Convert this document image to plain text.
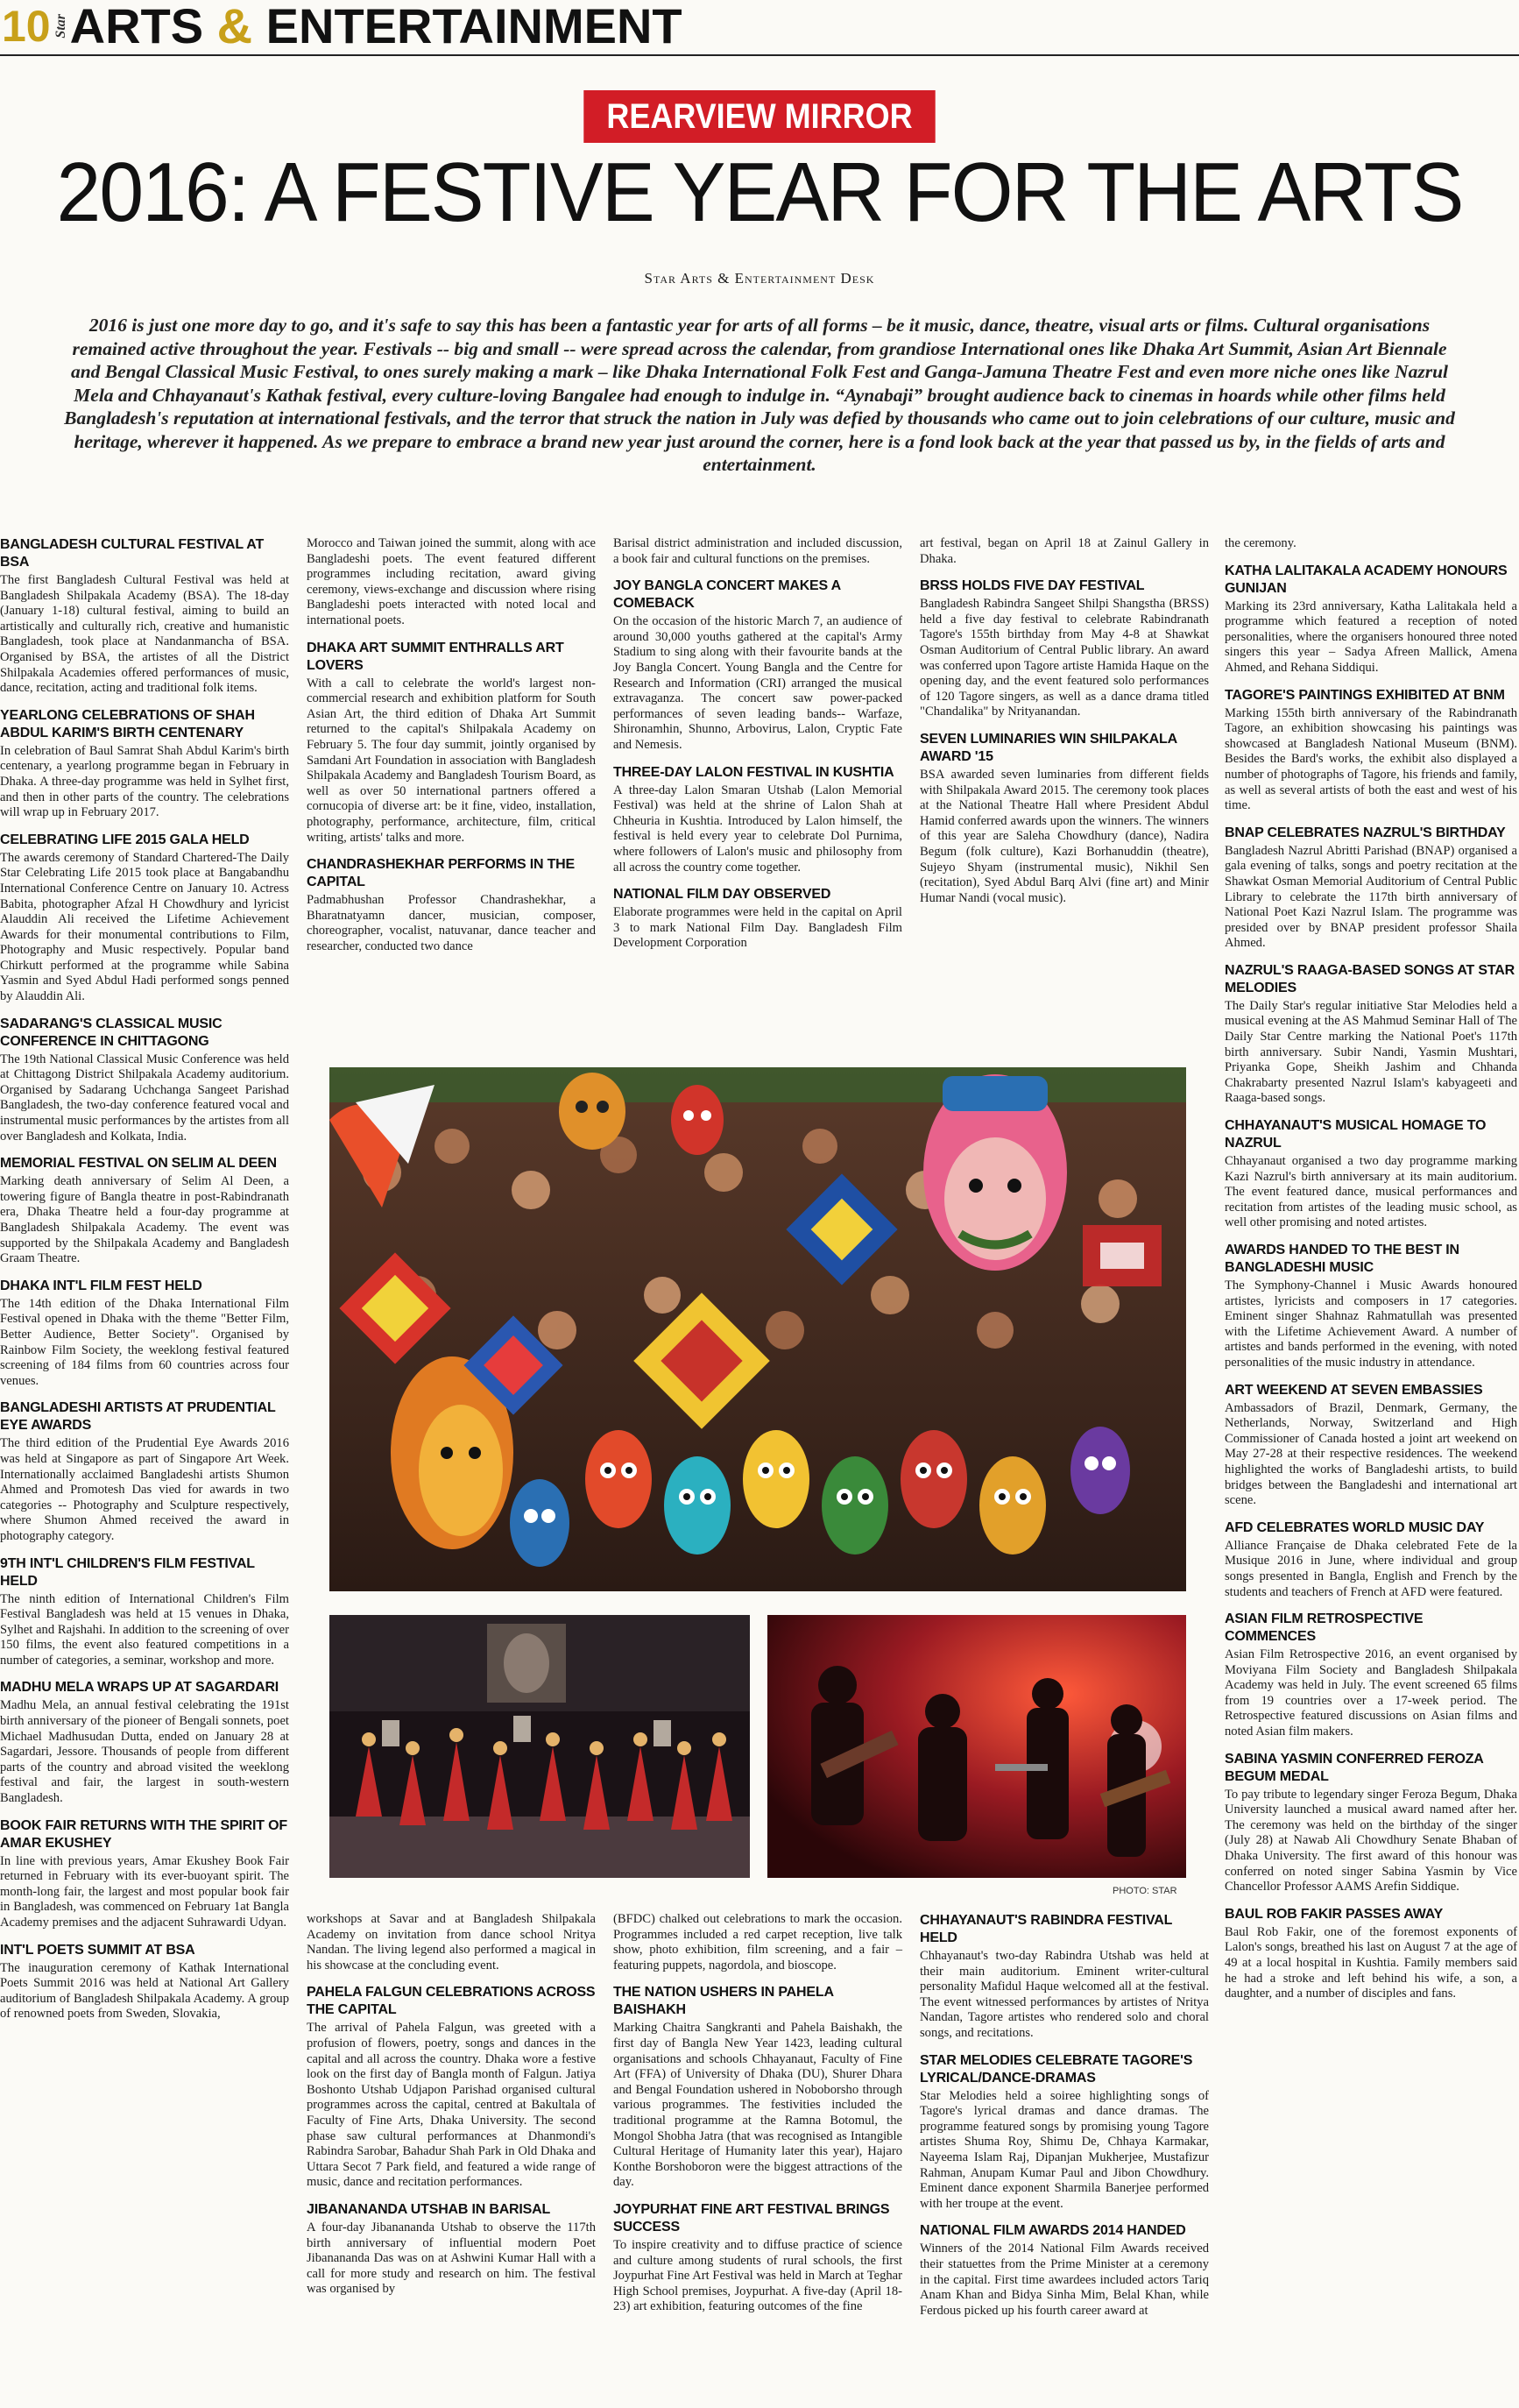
10 Star ARTS & ENTERTAINMENT
REARVIEW MIRROR
2016: A FESTIVE YEAR FOR THE ARTS
Star Arts & Entertainment Desk
2016 is just one more day to go, and it's safe to say this has been a fantastic year for arts of all forms – be it music, dance, theatre, visual arts or films. Cultural organisations remained active throughout the year. Festivals -- big and small -- were spread across the calendar, from grandiose International ones like Dhaka Art Summit, Asian Art Biennale and Bengal Classical Music Festival, to ones surely making a mark – like Dhaka International Folk Fest and Ganga-Jamuna Theatre Fest and even more niche ones like Nazrul Mela and Chhayanaut's Kathak festival, every culture-loving Bangalee had enough to indulge in. “Aynabaji” brought audience back to cinemas in hoards while other films held Bangladesh's reputation at international festivals, and the terror that struck the nation in July was defied by thousands who came out to join celebrations of our culture, music and heritage, wherever it happened. As we prepare to embrace a brand new year just around the corner, here is a fond look back at the year that passed us by, in the fields of arts and entertainment.
BANGLADESH CULTURAL FESTIVAL AT BSA

The first Bangladesh Cultural Festival was held at Bangladesh Shilpakala Academy (BSA). The 18-day (January 1-18) cultural festival, aiming to build an artistically and culturally rich, creative and humanistic Bangladesh, took place at Nandanmancha of BSA. Organised by BSA, the artistes of all the District Shilpakala Academies offered performances of music, dance, recitation, acting and traditional folk items.

YEARLONG CELEBRATIONS OF SHAH ABDUL KARIM'S BIRTH CENTENARY

In celebration of Baul Samrat Shah Abdul Karim's birth centenary, a yearlong programme began in February in Dhaka. A three-day programme was held in Sylhet first, and then in other parts of the country. The celebrations will wrap up in February 2017.

CELEBRATING LIFE 2015 GALA HELD

The awards ceremony of Standard Chartered-The Daily Star Celebrating Life 2015 took place at Bangabandhu International Conference Centre on January 10. Actress Babita, photographer Afzal H Chowdhury and lyricist Alauddin Ali received the Lifetime Achievement Awards for their monumental contributions to Film, Photography and Music respectively. Popular band Chirkutt performed at the programme while Sabina Yasmin and Syed Abdul Hadi performed songs penned by Alauddin Ali.

SADARANG'S CLASSICAL MUSIC CONFERENCE IN CHITTAGONG

The 19th National Classical Music Conference was held at Chittagong District Shilpakala Academy auditorium. Organised by Sadarang Uchchanga Sangeet Parishad Bangladesh, the two-day conference featured vocal and instrumental music performances by the artistes from all over Bangladesh and Kolkata, India.

MEMORIAL FESTIVAL ON SELIM AL DEEN

Marking death anniversary of Selim Al Deen, a towering figure of Bangla theatre in post-Rabindranath era, Dhaka Theatre held a four-day programme at Bangladesh Shilpakala Academy. The event was supported by the Shilpakala Academy and Bangladesh Graam Theatre.

DHAKA INT'L FILM FEST HELD

The 14th edition of the Dhaka International Film Festival opened in Dhaka with the theme "Better Film, Better Audience, Better Society". Organised by Rainbow Film Society, the weeklong festival featured screening of 184 films from 60 countries across four venues.

BANGLADESHI ARTISTS AT PRUDENTIAL EYE AWARDS

The third edition of the Prudential Eye Awards 2016 was held at Singapore as part of Singapore Art Week. Internationally acclaimed Bangladeshi artists Shumon Ahmed and Promotesh Das vied for awards in two categories -- Photography and Sculpture respectively, where Shumon Ahmed received the award in photography category.

9TH INT'L CHILDREN'S FILM FESTIVAL HELD

The ninth edition of International Children's Film Festival Bangladesh was held at 15 venues in Dhaka, Sylhet and Rajshahi. In addition to the screening of over 150 films, the event also featured competitions in a number of categories, a seminar, workshop and more.

MADHU MELA WRAPS UP AT SAGARDARI

Madhu Mela, an annual festival celebrating the 191st birth anniversary of the pioneer of Bengali sonnets, poet Michael Madhusudan Dutta, ended on January 28 at Sagardari, Jessore. Thousands of people from different parts of the country and abroad visited the weeklong festival and fair, the largest in south-western Bangladesh.

BOOK FAIR RETURNS WITH THE SPIRIT OF AMAR EKUSHEY

In line with previous years, Amar Ekushey Book Fair returned in February with its ever-buoyant spirit. The month-long fair, the largest and most popular book fair in Bangladesh, was commenced on February 1at Bangla Academy premises and the adjacent Suhrawardi Udyan.

INT'L POETS SUMMIT AT BSA

The inauguration ceremony of Kathak International Poets Summit 2016 was held at National Art Gallery auditorium of Bangladesh Shilpakala Academy. A group of renowned poets from Sweden, Slovakia,

Morocco and Taiwan joined the summit, along with ace Bangladeshi poets. The event featured different programmes including recitation, award giving ceremony, views-exchange and discussion where rising Bangladeshi poets interacted with noted local and international poets.

DHAKA ART SUMMIT ENTHRALLS ART LOVERS

With a call to celebrate the world's largest non-commercial research and exhibition platform for South Asian Art, the third edition of Dhaka Art Summit returned to the capital's Shilpakala Academy on February 5. The four day summit, jointly organised by Samdani Art Foundation in association with Bangladesh Shilpakala Academy and Bangladesh Tourism Board, as well as over 50 international partners offered a cornucopia of diverse art: be it fine, video, installation, photography, performance, architecture, film, critical writing, artists' talks and more.

CHANDRASHEKHAR PERFORMS IN THE CAPITAL

Padmabhushan Professor Chandrashekhar, a Bharatnatyamn dancer, musician, composer, choreographer, vocalist, natuvanar, dance teacher and researcher, conducted two dance

Barisal district administration and included discussion, a book fair and cultural functions on the premises.

JOY BANGLA CONCERT MAKES A COMEBACK

On the occasion of the historic March 7, an audience of around 30,000 youths gathered at the capital's Army Stadium to sing along with their favourite bands at the Joy Bangla Concert. Young Bangla and the Centre for Research and Information (CRI) arranged the musical extravaganza. The concert saw power-packed performances of seven leading bands-- Warfaze, Shironamhin, Shunno, Arbovirus, Lalon, Cryptic Fate and Nemesis.

THREE-DAY LALON FESTIVAL IN KUSHTIA

A three-day Lalon Smaran Utshab (Lalon Memorial Festival) was held at the shrine of Lalon Shah at Chheuria in Kushtia. Introduced by Lalon himself, the festival is held every year to celebrate Dol Purnima, where followers of Lalon's music and philosophy from all across the country come together.

NATIONAL FILM DAY OBSERVED

Elaborate programmes were held in the capital on April 3 to mark National Film Day. Bangladesh Film Development Corporation

art festival, began on April 18 at Zainul Gallery in Dhaka.

BRSS HOLDS FIVE DAY FESTIVAL

Bangladesh Rabindra Sangeet Shilpi Shangstha (BRSS) held a five day festival to celebrate Rabindranath Tagore's 155th birthday from May 4-8 at Shawkat Osman Auditorium of Central Public library. An award was conferred upon Tagore artiste Hamida Haque on the opening day, and the event featured solo performances of 120 Tagore singers, as well as a dance drama titled "Chandalika" by Nrityanandan.

SEVEN LUMINARIES WIN SHILPAKALA AWARD '15

BSA awarded seven luminaries from different fields with Shilpakala Award 2015. The ceremony took places at the National Theatre Hall where President Abdul Hamid conferred awards upon the winners. The winners of this year are Saleha Chowdhury (dance), Nadira Begum (folk culture), Kazi Borhanuddin (theatre), Sujeyo Shyam (instrumental music), Nikhil Sen (recitation), Syed Abdul Barq Alvi (fine art) and Minir Humar Nandi (vocal music).

the ceremony.

KATHA LALITAKALA ACADEMY HONOURS GUNIJAN

Marking its 23rd anniversary, Katha Lalitakala held a programme which featured a reception of noted personalities, where the organisers honoured three noted singers this year – Sadya Afreen Mallick, Amena Ahmed, and Rehana Siddiqui.

TAGORE'S PAINTINGS EXHIBITED AT BNM

Marking 155th birth anniversary of the Rabindranath Tagore, an exhibition showcasing his paintings was showcased at Bangladesh National Museum (BNM). Besides the Bard's works, the exhibit also displayed a number of photographs of Tagore, his friends and family, as well as several artists of both the east and west of his time.

BNAP CELEBRATES NAZRUL'S BIRTHDAY

Bangladesh Nazrul Abritti Parishad (BNAP) organised a gala evening of talks, songs and poetry recitation at the Shawkat Osman Memorial Auditorium of Central Public Library to celebrate the 117th birth anniversary of National Poet Kazi Nazrul Islam. The programme was presided over by BNAP president professor Shaila Ahmed.

NAZRUL'S RAAGA-BASED SONGS AT STAR MELODIES

The Daily Star's regular initiative Star Melodies held a musical evening at the AS Mahmud Seminar Hall of The Daily Star Centre marking the National Poet's 117th birth anniversary. Subir Nandi, Yasmin Mushtari, Priyanka Gope, Sheikh Jashim and Chhanda Chakrabarty presented Nazrul Islam's kabyageeti and Raaga-based songs.

CHHAYANAUT'S MUSICAL HOMAGE TO NAZRUL

Chhayanaut organised a two day programme marking Kazi Nazrul's birth anniversary at its main auditorium. The event featured dance, musical performances and recitation from artistes of the leading music school, as well other promising and noted artistes.

AWARDS HANDED TO THE BEST IN BANGLADESHI MUSIC

The Symphony-Channel i Music Awards honoured artistes, lyricists and composers in 17 categories. Eminent singer Shahnaz Rahmatullah was presented with the Lifetime Achievement Award. A number of artistes and bands performed in the evening, with noted personalities of the music industry in attendance.

ART WEEKEND AT SEVEN EMBASSIES

Ambassadors of Brazil, Denmark, Germany, the Netherlands, Norway, Switzerland and High Commissioner of Canada hosted a joint art weekend on May 27-28 at their respective residences. The weekend highlighted the works of Bangladeshi artists, to build bridges between the Bangladeshi and international art scene.

AFD CELEBRATES WORLD MUSIC DAY

Alliance Française de Dhaka celebrated Fete de la Musique 2016 in June, where individual and group songs presented in Bangla, English and French by the students and teachers of French at AFD were featured.

ASIAN FILM RETROSPECTIVE COMMENCES

Asian Film Retrospective 2016, an event organised by Moviyana Film Society and Bangladesh Shilpakala Academy was held in July. The event screened 65 films from 19 countries over a 17-week period. The Retrospective featured discussions on Asian films and noted Asian film makers.

SABINA YASMIN CONFERRED FEROZA BEGUM MEDAL

To pay tribute to legendary singer Feroza Begum, Dhaka University launched a musical award named after her. The ceremony was held on the birthday of the singer (July 28) at Nawab Ali Chowdhury Senate Bhaban of Dhaka University. The first award of this honour was conferred on noted singer Sabina Yasmin by Vice Chancellor Professor AAMS Arefin Siddique.

BAUL ROB FAKIR PASSES AWAY

Baul Rob Fakir, one of the foremost exponents of Lalon's songs, breathed his last on August 7 at the age of 49 at a local hospital in Kushtia. Family members said he had a stroke and left behind his wife, a son, a daughter, and a number of disciples and fans.

workshops at Savar and at Bangladesh Shilpakala Academy on invitation from dance school Nritya Nandan. The living legend also performed a magical in his showcase at the concluding event.

PAHELA FALGUN CELEBRATIONS ACROSS THE CAPITAL

The arrival of Pahela Falgun, was greeted with a profusion of flowers, poetry, songs and dances in the capital and all across the country. Dhaka wore a festive look on the first day of Bangla month of Falgun. Jatiya Boshonto Utshab Udjapon Parishad organised cultural programmes across the capital, centred at Bakultala of Faculty of Fine Arts, Dhaka University. The second phase saw cultural performances at Dhanmondi's Rabindra Sarobar, Bahadur Shah Park in Old Dhaka and Uttara Secot 7 Park field, and featured a wide range of music, dance and recitation performances.

JIBANANANDA UTSHAB IN BARISAL

A four-day Jibanananda Utshab to observe the 117th birth anniversary of influential modern Poet Jibanananda Das was on at Ashwini Kumar Hall with a call for more study and research on him. The festival was organised by

(BFDC) chalked out celebrations to mark the occasion. Programmes included a red carpet reception, live talk show, photo exhibition, film screening, and a fair – featuring puppets, nagordola, and bioscope.

THE NATION USHERS IN PAHELA BAISHAKH

Marking Chaitra Sangkranti and Pahela Baishakh, the first day of Bangla New Year 1423, leading cultural organisations and schools Chhayanaut, Faculty of Fine Art (FFA) of University of Dhaka (DU), Shurer Dhara and Bengal Foundation ushered in Noboborsho through various programmes. The festivities included the traditional programme at the Ramna Botomul, the Mongol Shobha Jatra (that was recognised as Intangible Cultural Heritage of Humanity later this year), Hajaro Konthe Borshoboron were the biggest attractions of the day.

JOYPURHAT FINE ART FESTIVAL BRINGS SUCCESS

To inspire creativity and to diffuse practice of science and culture among students of rural schools, the first Joypurhat Fine Art Festival was held in March at Teghar High School premises, Joypurhat. A five-day (April 18-23) art exhibition, featuring outcomes of the fine

CHHAYANAUT'S RABINDRA FESTIVAL HELD

Chhayanaut's two-day Rabindra Utshab was held at their main auditorium. Eminent writer-cultural personality Mafidul Haque welcomed all at the festival. The event witnessed performances by artistes of Nritya Nandan, Tagore artistes who rendered solo and choral songs, and recitations.

STAR MELODIES CELEBRATE TAGORE'S LYRICAL/DANCE-DRAMAS

Star Melodies held a soiree highlighting songs of Tagore's lyrical dramas and dance dramas. The programme featured songs by promising young Tagore artistes Shuma Roy, Shimu De, Chhaya Karmakar, Nayeema Islam Raj, Dipanjan Mukherjee, Mustafizur Rahman, Anupam Kumar Paul and Jibon Chowdhury. Eminent dance exponent Sharmila Banerjee performed with her troupe at the event.

NATIONAL FILM AWARDS 2014 HANDED

Winners of the 2014 National Film Awards received their statuettes from the Prime Minister at a ceremony in the capital. First time awardees included actors Tariq Anam Khan and Bidya Sinha Mim, Belal Khan, while Ferdous picked up his fourth career award at

PHOTO: STAR
